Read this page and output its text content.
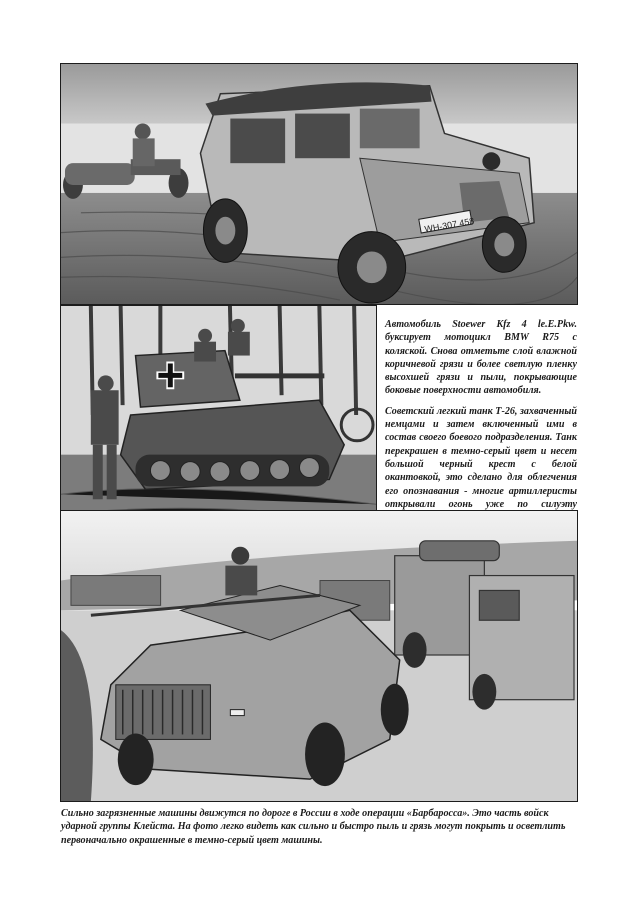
WH-307 458

Автомобиль Stoewer Kfz 4 le.E.Pkw. буксирует мотоцикл BMW R75 с коляской. Снова отметьте слой влажной коричневой грязи и более светлую пленку высохшей грязи и пыли, покрывающие боковые поверхности автомобиля.

Советский легкий танк Т-26, захваченный немцами и затем включенный ими в состав своего боевого подразделения. Танк перекрашен в темно-серый цвет и несет большой черный крест с белой окантовкой, это сделано для облегчения его опознавания - многие артиллеристы открывали огонь уже по силуэту

Сильно загрязненные машины движутся по дороге в России в ходе операции «Барбаросса». Это часть войск ударной группы Клейста. На фото легко видеть как сильно и быстро пыль и грязь могут покрыть и осветлить первоначально окрашенные в темно-серый цвет машины.
